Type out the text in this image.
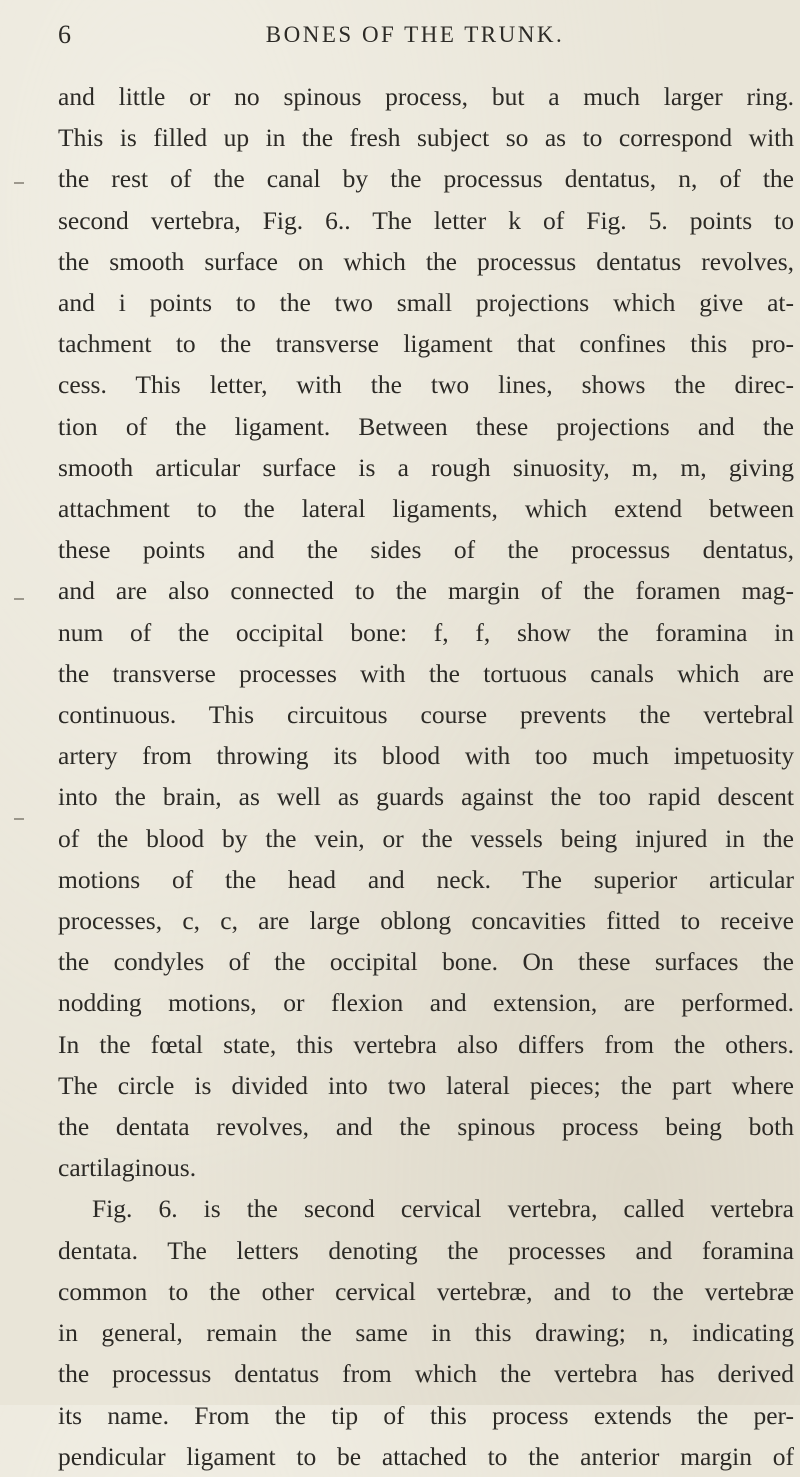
6	BONES OF THE TRUNK.
and little or no spinous process, but a much larger ring.
This is filled up in the fresh subject so as to correspond with
the rest of the canal by the processus dentatus, n, of the
second vertebra, Fig. 6.. The letter k of Fig. 5. points to
the smooth surface on which the processus dentatus revolves,
and i points to the two small projections which give at-
tachment to the transverse ligament that confines this pro-
cess. This letter, with the two lines, shows the direc-
tion of the ligament. Between these projections and the
smooth articular surface is a rough sinuosity, m, m, giving
attachment to the lateral ligaments, which extend between
these points and the sides of the processus dentatus,
and are also connected to the margin of the foramen mag-
num of the occipital bone: f, f, show the foramina in
the transverse processes with the tortuous canals which are
continuous. This circuitous course prevents the vertebral
artery from throwing its blood with too much impetuosity
into the brain, as well as guards against the too rapid descent
of the blood by the vein, or the vessels being injured in the
motions of the head and neck. The superior articular
processes, c, c, are large oblong concavities fitted to receive
the condyles of the occipital bone. On these surfaces the
nodding motions, or flexion and extension, are performed.
In the fœtal state, this vertebra also differs from the others.
The circle is divided into two lateral pieces; the part where
the dentata revolves, and the spinous process being both
cartilaginous.
Fig. 6. is the second cervical vertebra, called vertebra
dentata. The letters denoting the processes and foramina
common to the other cervical vertebræ, and to the vertebræ
in general, remain the same in this drawing; n, indicating
the processus dentatus from which the vertebra has derived
its name. From the tip of this process extends the per-
pendicular ligament to be attached to the anterior margin of
